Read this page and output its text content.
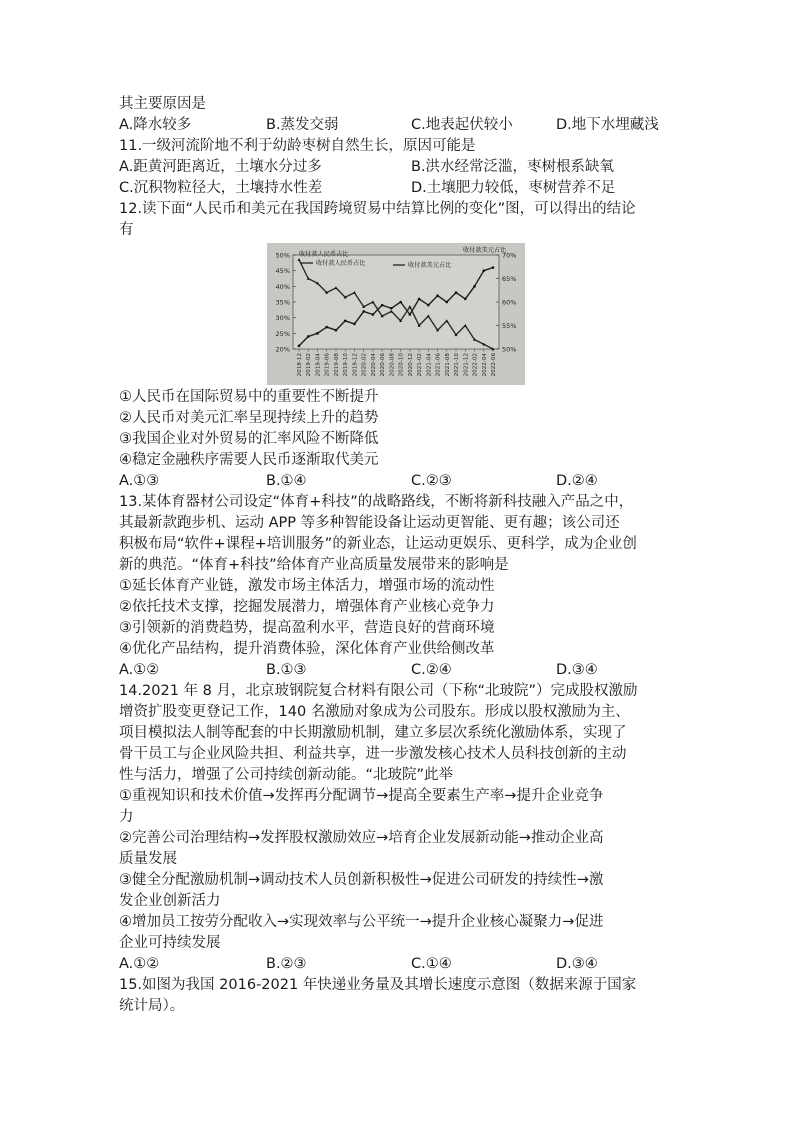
其主要原因是
A.降水较多	B.蒸发交弱	C.地表起伏较小	D.地下水埋藏浅
11.一级河流阶地不利于幼龄枣树自然生长，原因可能是
A.距黄河距离近，土壤水分过多	B.洪水经常泛滥，枣树根系缺氧
C.沉积物粒径大，土壤持水性差	D.土壤肥力较低，枣树营养不足
12.读下面“人民币和美元在我国跨境贸易中结算比例的变化”图，可以得出的结论
有
20%
25%
30%
35%
40%
45%
50%
50%
55%
60%
65%
70%
2018-12 2019-02 2019-04 2019-06 2019-08 2019-10 2019-12 2020-02 2020-04 2020-06 2020-08 2020-10 2020-12 2021-02 2021-04 2021-06 2021-08 2021-10 2021-12 2022-02 2022-04 2022-06
收付款人民币占比
收付款人民币占比	收付款美元占比
收付款美元占比
①人民币在国际贸易中的重要性不断提升
②人民币对美元汇率呈现持续上升的趋势
③我国企业对外贸易的汇率风险不断降低
④稳定金融秩序需要人民币逐渐取代美元
A.①③	B.①④	C.②③	D.②④
13.某体育器材公司设定“体育+科技”的战略路线，不断将新科技融入产品之中，
其最新款跑步机、运动 APP 等多种智能设备让运动更智能、更有趣；该公司还
积极布局“软件+课程+培训服务”的新业态，让运动更娱乐、更科学，成为企业创
新的典范。“体育+科技”给体育产业高质量发展带来的影响是
①延长体育产业链，激发市场主体活力，增强市场的流动性
②依托技术支撑，挖掘发展潜力，增强体育产业核心竞争力
③引领新的消费趋势，提高盈利水平，营造良好的营商环境
④优化产品结构，提升消费体验，深化体育产业供给侧改革
A.①②	B.①③	C.②④	D.③④
14.2021 年 8 月，北京玻钢院复合材料有限公司（下称“北玻院”）完成股权激励
增资扩股变更登记工作，140 名激励对象成为公司股东。形成以股权激励为主、
项目模拟法人制等配套的中长期激励机制，建立多层次系统化激励体系，实现了
骨干员工与企业风险共担、利益共享，进一步激发核心技术人员科技创新的主动
性与活力，增强了公司持续创新动能。“北玻院”此举
①重视知识和技术价值→发挥再分配调节→提高全要素生产率→提升企业竞争
力
②完善公司治理结构→发挥股权激励效应→培育企业发展新动能→推动企业高
质量发展
③健全分配激励机制→调动技术人员创新积极性→促进公司研发的持续性→激
发企业创新活力
④增加员工按劳分配收入→实现效率与公平统一→提升企业核心凝聚力→促进
企业可持续发展
A.①②	B.②③	C.①④	D.③④
15.如图为我国 2016-2021 年快递业务量及其增长速度示意图（数据来源于国家
统计局）。
